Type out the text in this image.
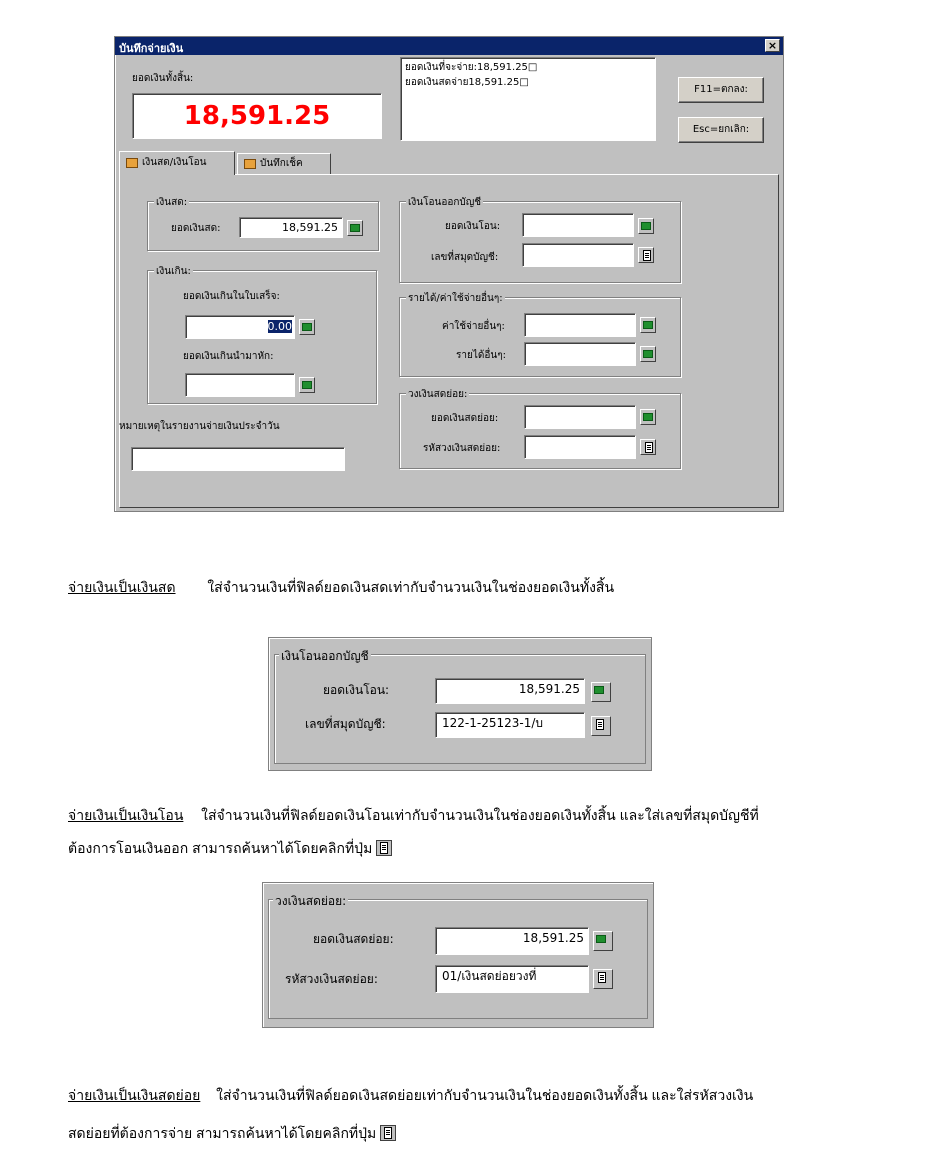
บันทึกจ่ายเงิน	×
ยอดเงินทั้งสิ้น:
18,591.25
ยอดเงินที่จะจ่าย:18,591.25□
ยอดเงินสดจ่าย18,591.25□
F11=ตกลง:
Esc=ยกเลิก:
เงินสด/เงินโอน	บันทึกเช็ค
เงินสด:
ยอดเงินสด:	18,591.25
เงินเกิน:
ยอดเงินเกินในใบเสร็จ:
0.00
ยอดเงินเกินนำมาหัก:
หมายเหตุในรายงานจ่ายเงินประจำวัน
เงินโอนออกบัญชี
ยอดเงินโอน:
เลขที่สมุดบัญชี:
รายได้/ค่าใช้จ่ายอื่นๆ:
ค่าใช้จ่ายอื่นๆ:
รายได้อื่นๆ:
วงเงินสดย่อย:
ยอดเงินสดย่อย:
รหัสวงเงินสดย่อย:
จ่ายเงินเป็นเงินสด ใส่จำนวนเงินที่ฟิลด์ยอดเงินสดเท่ากับจำนวนเงินในช่องยอดเงินทั้งสิ้น
เงินโอนออกบัญชี
ยอดเงินโอน:	18,591.25
เลขที่สมุดบัญชี:	122-1-25123-1/บ
จ่ายเงินเป็นเงินโอน ใส่จำนวนเงินที่ฟิลด์ยอดเงินโอนเท่ากับจำนวนเงินในช่องยอดเงินทั้งสิ้น และใส่เลขที่สมุดบัญชีที่
ต้องการโอนเงินออก สามารถค้นหาได้โดยคลิกที่ปุ่ม
วงเงินสดย่อย:
ยอดเงินสดย่อย:	18,591.25
รหัสวงเงินสดย่อย:	01/เงินสดย่อยวงที่
จ่ายเงินเป็นเงินสดย่อย ใส่จำนวนเงินที่ฟิลด์ยอดเงินสดย่อยเท่ากับจำนวนเงินในช่องยอดเงินทั้งสิ้น และใส่รหัสวงเงิน
สดย่อยที่ต้องการจ่าย สามารถค้นหาได้โดยคลิกที่ปุ่ม
